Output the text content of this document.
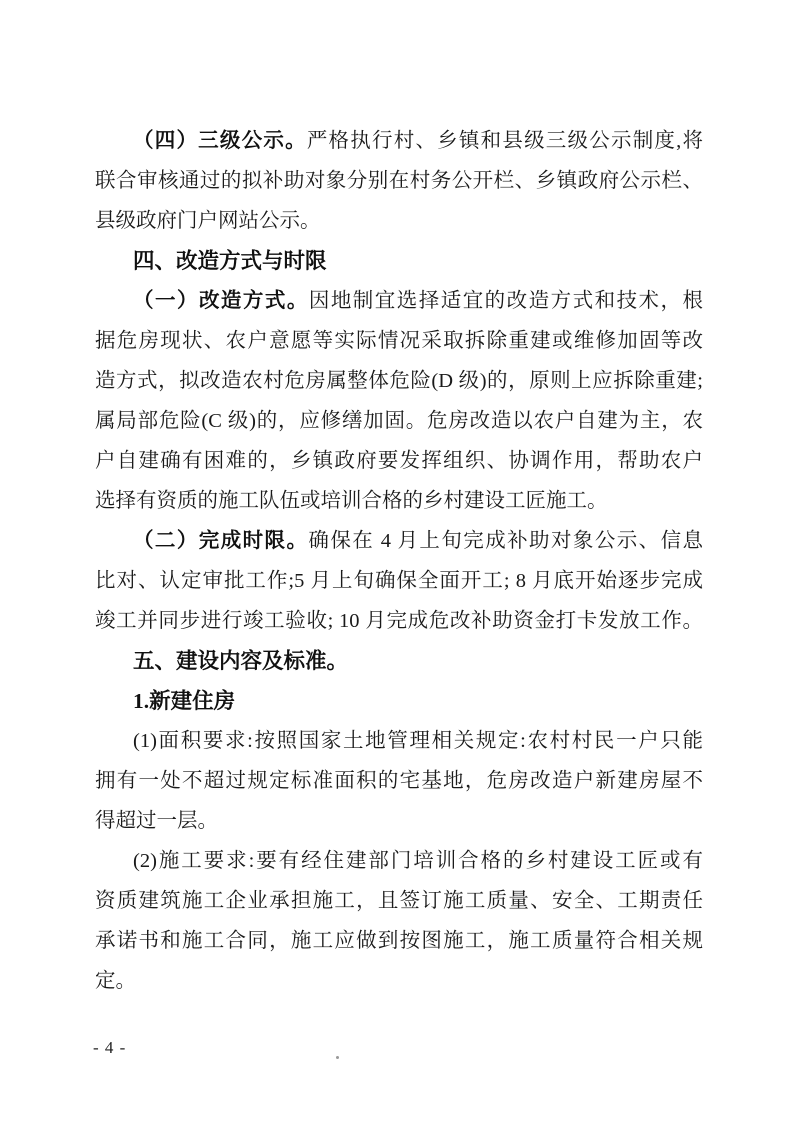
（四）三级公示。严格执行村、乡镇和县级三级公示制度,将
联合审核通过的拟补助对象分别在村务公开栏、乡镇政府公示栏、
县级政府门户网站公示。
四、改造方式与时限
（一）改造方式。因地制宜选择适宜的改造方式和技术，根
据危房现状、农户意愿等实际情况采取拆除重建或维修加固等改
造方式，拟改造农村危房属整体危险(D 级)的，原则上应拆除重建;
属局部危险(C 级)的，应修缮加固。危房改造以农户自建为主，农
户自建确有困难的，乡镇政府要发挥组织、协调作用，帮助农户
选择有资质的施工队伍或培训合格的乡村建设工匠施工。
（二）完成时限。确保在 4 月上旬完成补助对象公示、信息
比对、认定审批工作;5 月上旬确保全面开工; 8 月底开始逐步完成
竣工并同步进行竣工验收; 10 月完成危改补助资金打卡发放工作。
五、建设内容及标准。
1.新建住房
(1)面积要求:按照国家土地管理相关规定:农村村民一户只能
拥有一处不超过规定标准面积的宅基地，危房改造户新建房屋不
得超过一层。
(2)施工要求:要有经住建部门培训合格的乡村建设工匠或有
资质建筑施工企业承担施工，且签订施工质量、安全、工期责任
承诺书和施工合同，施工应做到按图施工，施工质量符合相关规
定。
- 4 -
